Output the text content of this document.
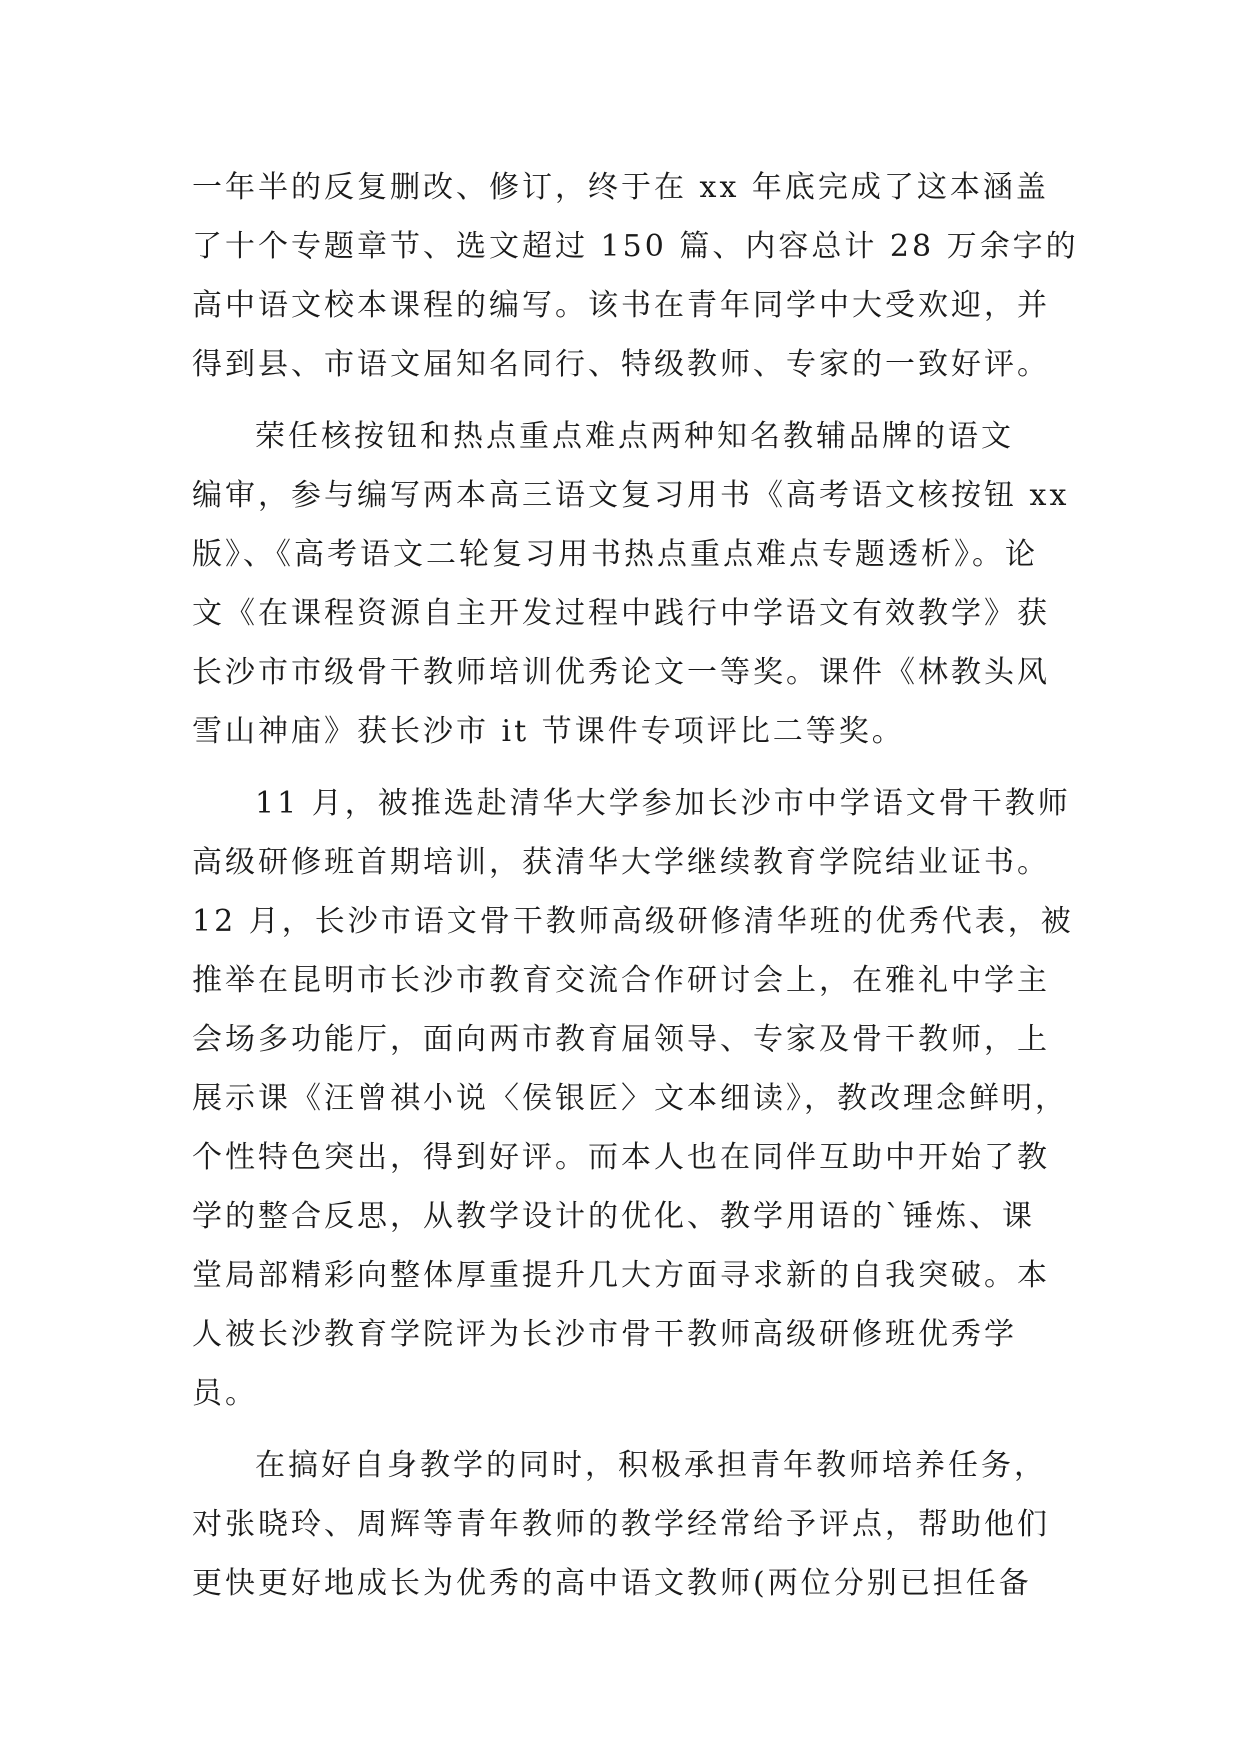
一年半的反复删改、修订，终于在 xx 年底完成了这本涵盖
了十个专题章节、选文超过 150 篇、内容总计 28 万余字的
高中语文校本课程的编写。该书在青年同学中大受欢迎，并
得到县、市语文届知名同行、特级教师、专家的一致好评。
荣任核按钮和热点重点难点两种知名教辅品牌的语文
编审，参与编写两本高三语文复习用书《高考语文核按钮 xx
版》、《高考语文二轮复习用书热点重点难点专题透析》。论
文《在课程资源自主开发过程中践行中学语文有效教学》获
长沙市市级骨干教师培训优秀论文一等奖。课件《林教头风
雪山神庙》获长沙市 it 节课件专项评比二等奖。
11 月，被推选赴清华大学参加长沙市中学语文骨干教师
高级研修班首期培训，获清华大学继续教育学院结业证书。
12 月，长沙市语文骨干教师高级研修清华班的优秀代表，被
推举在昆明市长沙市教育交流合作研讨会上，在雅礼中学主
会场多功能厅，面向两市教育届领导、专家及骨干教师，上
展示课《汪曾祺小说〈侯银匠〉文本细读》，教改理念鲜明，
个性特色突出，得到好评。而本人也在同伴互助中开始了教
学的整合反思，从教学设计的优化、教学用语的`锤炼、课
堂局部精彩向整体厚重提升几大方面寻求新的自我突破。本
人被长沙教育学院评为长沙市骨干教师高级研修班优秀学
员。
在搞好自身教学的同时，积极承担青年教师培养任务，
对张晓玲、周辉等青年教师的教学经常给予评点，帮助他们
更快更好地成长为优秀的高中语文教师(两位分别已担任备
